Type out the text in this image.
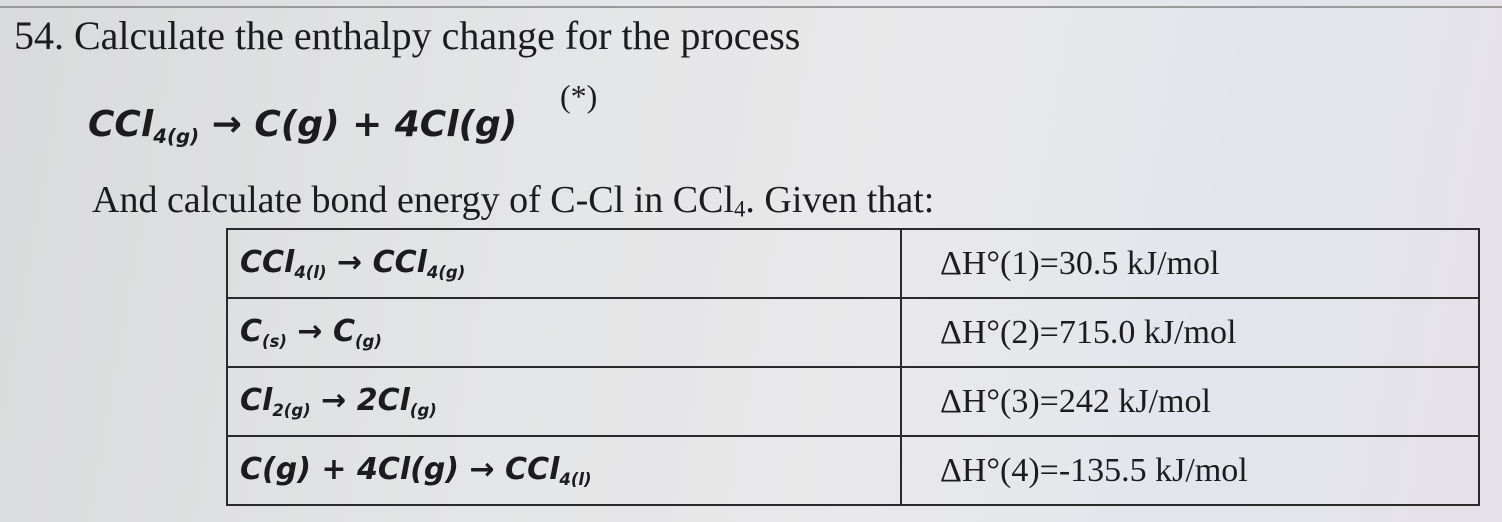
54. Calculate the enthalpy change for the process
CCl$_{4(g)}$ → C(g) + 4Cl(g)
(*)
And calculate bond energy of C-Cl in CCl$_4$. Given that:
CCl$_{4(l)}$ → CCl$_{4(g)}$	ΔH°(1)=30.5 kJ/mol
$C_{(s)} \to C_{(g)}$	ΔH°(2)=715.0 kJ/mol
$Cl_{2(g)} \to 2Cl_{(g)}$	ΔH°(3)=242 kJ/mol
C(g) + 4Cl(g) → CCl$_{4(l)}$	ΔH°(4)=-135.5 kJ/mol
